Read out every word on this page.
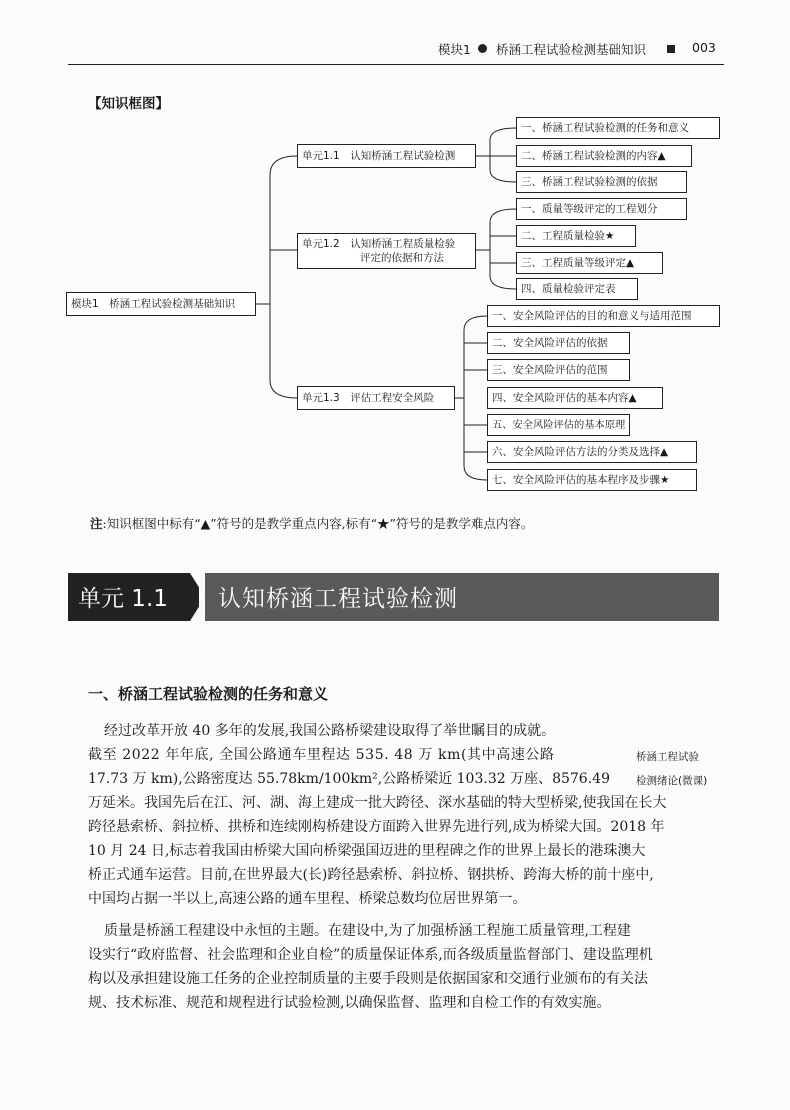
模块1 桥涵工程试验检测基础知识	003
【知识框图】
模块1　桥涵工程试验检测基础知识
单元1.1　认知桥涵工程试验检测
单元1.2　认知桥涵工程质量检验
评定的依据和方法
单元1.3　评估工程安全风险
一、桥涵工程试验检测的任务和意义
二、桥涵工程试验检测的内容▲
三、桥涵工程试验检测的依据
一、质量等级评定的工程划分
二、工程质量检验★
三、工程质量等级评定▲
四、质量检验评定表
一、安全风险评估的目的和意义与适用范围
二、安全风险评估的依据
三、安全风险评估的范围
四、安全风险评估的基本内容▲
五、安全风险评估的基本原理
六、安全风险评估方法的分类及选择▲
七、安全风险评估的基本程序及步骤★
注:知识框图中标有“▲”符号的是教学重点内容,标有“★”符号的是教学难点内容。
单元 1.1 认知桥涵工程试验检测
一、桥涵工程试验检测的任务和意义
经过改革开放 40 多年的发展,我国公路桥梁建设取得了举世瞩目的成就。
截至 2022 年年底, 全国公路通车里程达 535. 48 万 km(其中高速公路
17.73 万 km),公路密度达 55.78km/100km²,公路桥梁近 103.32 万座、8576.49
万延米。我国先后在江、河、湖、海上建成一批大跨径、深水基础的特大型桥梁,使我国在长大
跨径悬索桥、斜拉桥、拱桥和连续刚构桥建设方面跨入世界先进行列,成为桥梁大国。2018 年
10 月 24 日,标志着我国由桥梁大国向桥梁强国迈进的里程碑之作的世界上最长的港珠澳大
桥正式通车运营。目前,在世界最大(长)跨径悬索桥、斜拉桥、钢拱桥、跨海大桥的前十座中,
中国均占据一半以上,高速公路的通车里程、桥梁总数均位居世界第一。
质量是桥涵工程建设中永恒的主题。在建设中,为了加强桥涵工程施工质量管理,工程建
设实行“政府监督、社会监理和企业自检”的质量保证体系,而各级质量监督部门、建设监理机
构以及承担建设施工任务的企业控制质量的主要手段则是依据国家和交通行业颁布的有关法
规、技术标准、规范和规程进行试验检测,以确保监督、监理和自检工作的有效实施。
桥涵工程试验
检测绪论(微课)
